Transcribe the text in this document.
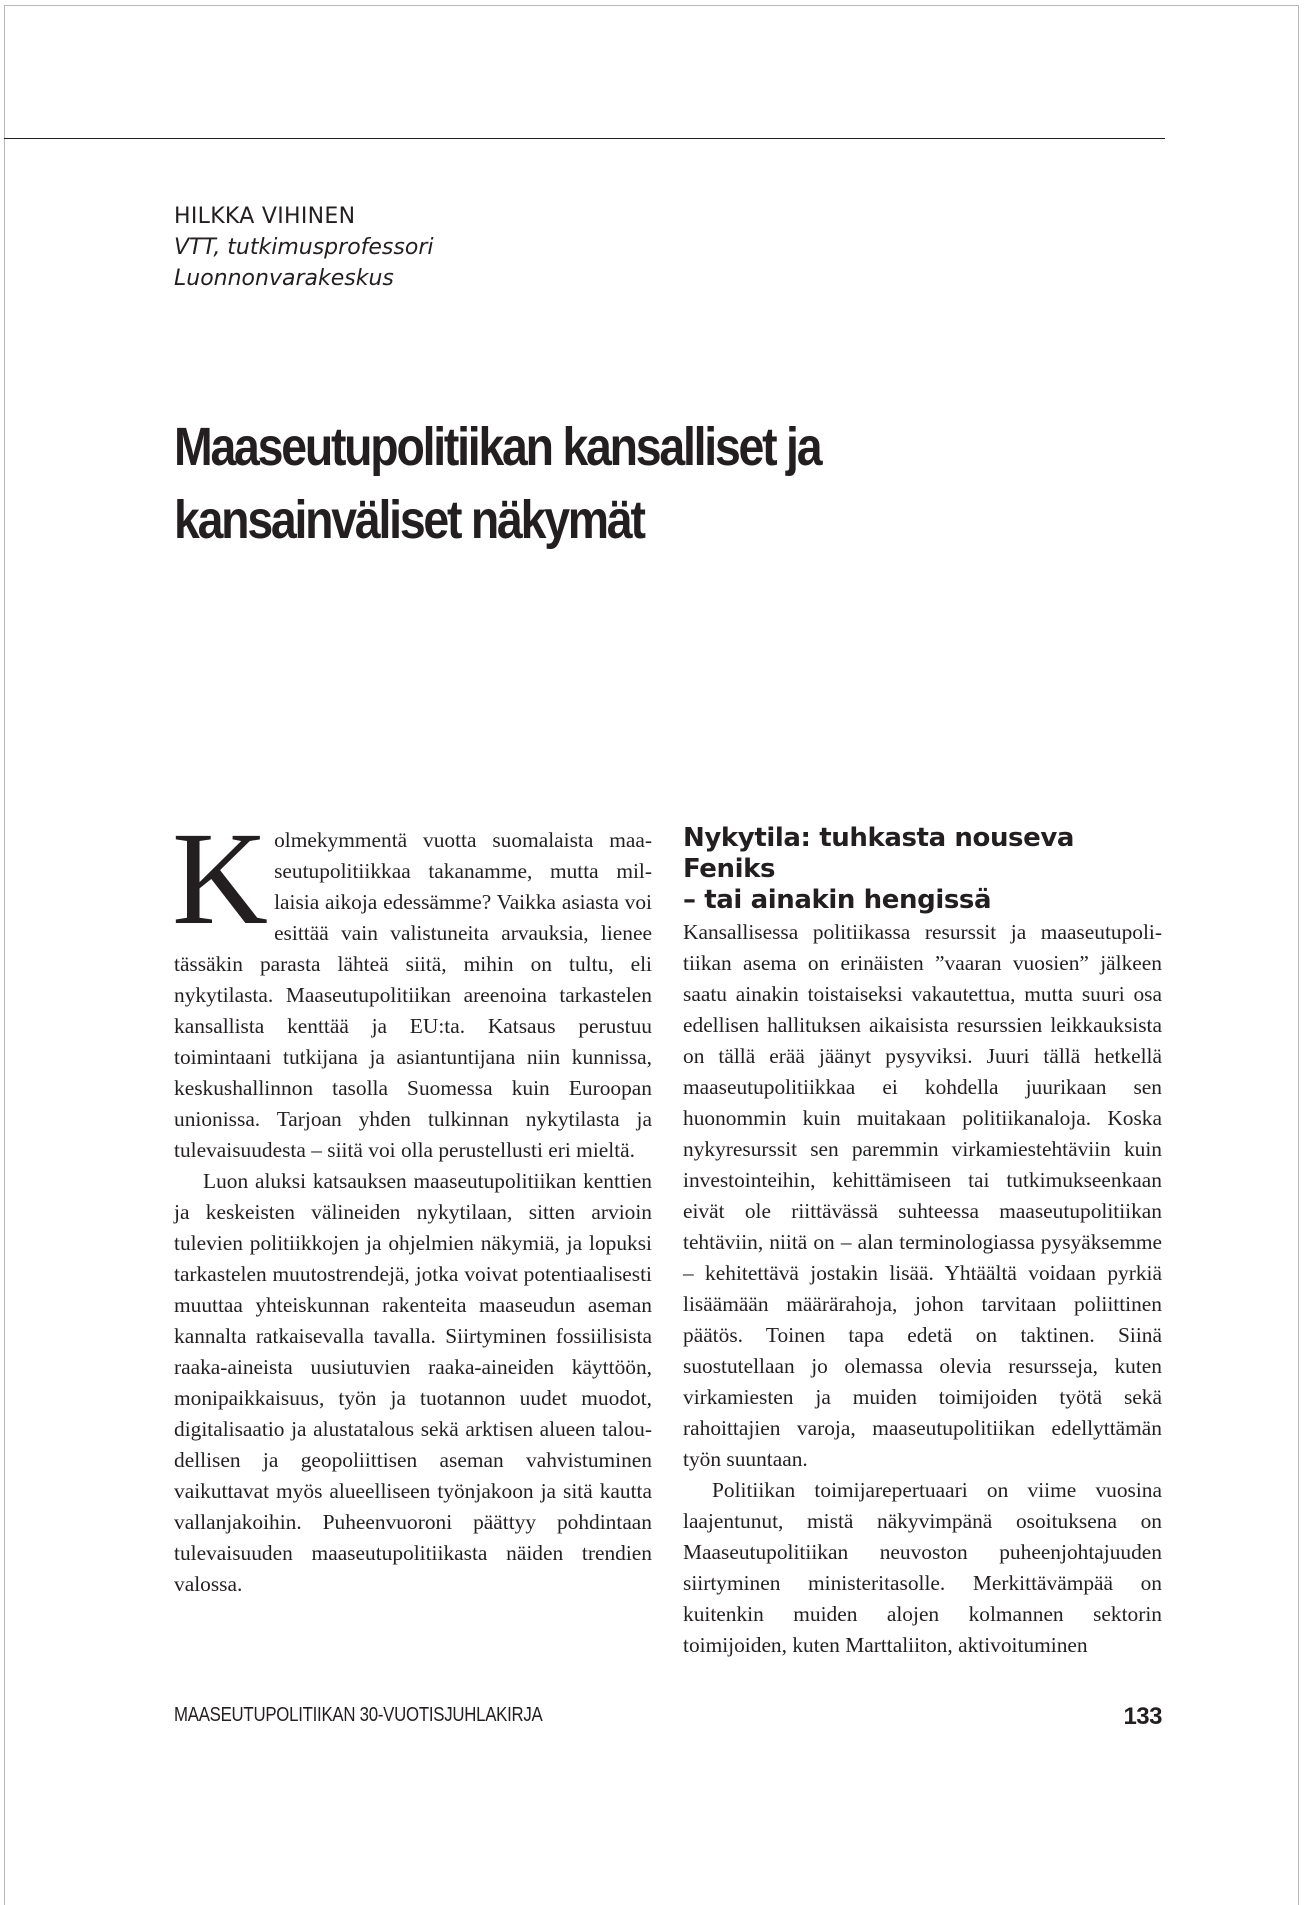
HILKKA VIHINEN
VTT, tutkimusprofessori
Luonnonvarakeskus
Maaseutupolitiikan kansalliset ja
kansainväliset näkymät

Kolmekymmentä vuotta suomalaista maaseutupolitiikkaa takanamme, mutta millaisia aikoja edessämme? Vaikka asiasta voi esittää vain valistuneita arvauksia, lienee tässäkin parasta lähteä siitä, mihin on tultu, eli nykytilasta. Maaseutupolitiikan areenoina tarkastelen kansallista kenttää ja EU:ta. Katsaus perustuu toimintaani tutkijana ja asiantuntijana niin kunnissa, keskushallinnon tasolla Suomessa kuin Euroopan unionissa. Tarjoan yhden tulkinnan nykytilasta ja tulevaisuudesta – siitä voi olla perustellusti eri mieltä.

Luon aluksi katsauksen maaseutupolitiikan kenttien ja keskeisten välineiden nykytilaan, sitten arvioin tulevien politiikkojen ja ohjelmien näkymiä, ja lopuksi tarkastelen muutostrendejä, jotka voivat potentiaalisesti muuttaa yhteiskunnan rakenteita maaseudun aseman kannalta ratkaisevalla tavalla. Siirtyminen fossiilisista raaka-aineista uusiutuvien raaka-aineiden käyttöön, monipaikkaisuus, työn ja tuotannon uudet muodot, digitalisaatio ja alustatalous sekä arktisen alueen taloudellisen ja geopoliittisen aseman vahvistuminen vaikuttavat myös alueelliseen työnjakoon ja sitä kautta vallanjakoihin. Puheenvuoroni päättyy pohdintaan tulevaisuuden maaseutupolitiikasta näiden trendien valossa.

Nykytila: tuhkasta nouseva Feniks
– tai ainakin hengissä

Kansallisessa politiikassa resurssit ja maaseutupolitiikan asema on erinäisten ”vaaran vuosien” jälkeen saatu ainakin toistaiseksi vakautettua, mutta suuri osa edellisen hallituksen aikaisista resurssien leikkauksista on tällä erää jäänyt pysyviksi. Juuri tällä hetkellä maaseutupolitiikkaa ei kohdella juurikaan sen huonommin kuin muitakaan politiikanaloja. Koska nykyresurssit sen paremmin virkamiestehtäviin kuin investointeihin, kehittämiseen tai tutkimukseenkaan eivät ole riittävässä suhteessa maaseutupolitiikan tehtäviin, niitä on – alan terminologiassa pysyäksemme – kehitettävä jostakin lisää. Yhtäältä voidaan pyrkiä lisäämään määrärahoja, johon tarvitaan poliittinen päätös. Toinen tapa edetä on taktinen. Siinä suostutellaan jo olemassa olevia resursseja, kuten virkamiesten ja muiden toimijoiden työtä sekä rahoittajien varoja, maaseutupolitiikan edellyttämän työn suuntaan.

Politiikan toimijarepertuaari on viime vuosina laajentunut, mistä näkyvimpänä osoituksena on Maaseutupolitiikan neuvoston puheenjohtajuuden siirtyminen ministeritasolle. Merkittävämpää on kuitenkin muiden alojen kolmannen sektorin toimijoiden, kuten Marttaliiton, aktivoituminen

MAASEUTUPOLITIIKAN 30-VUOTISJUHLAKIRJA	133
